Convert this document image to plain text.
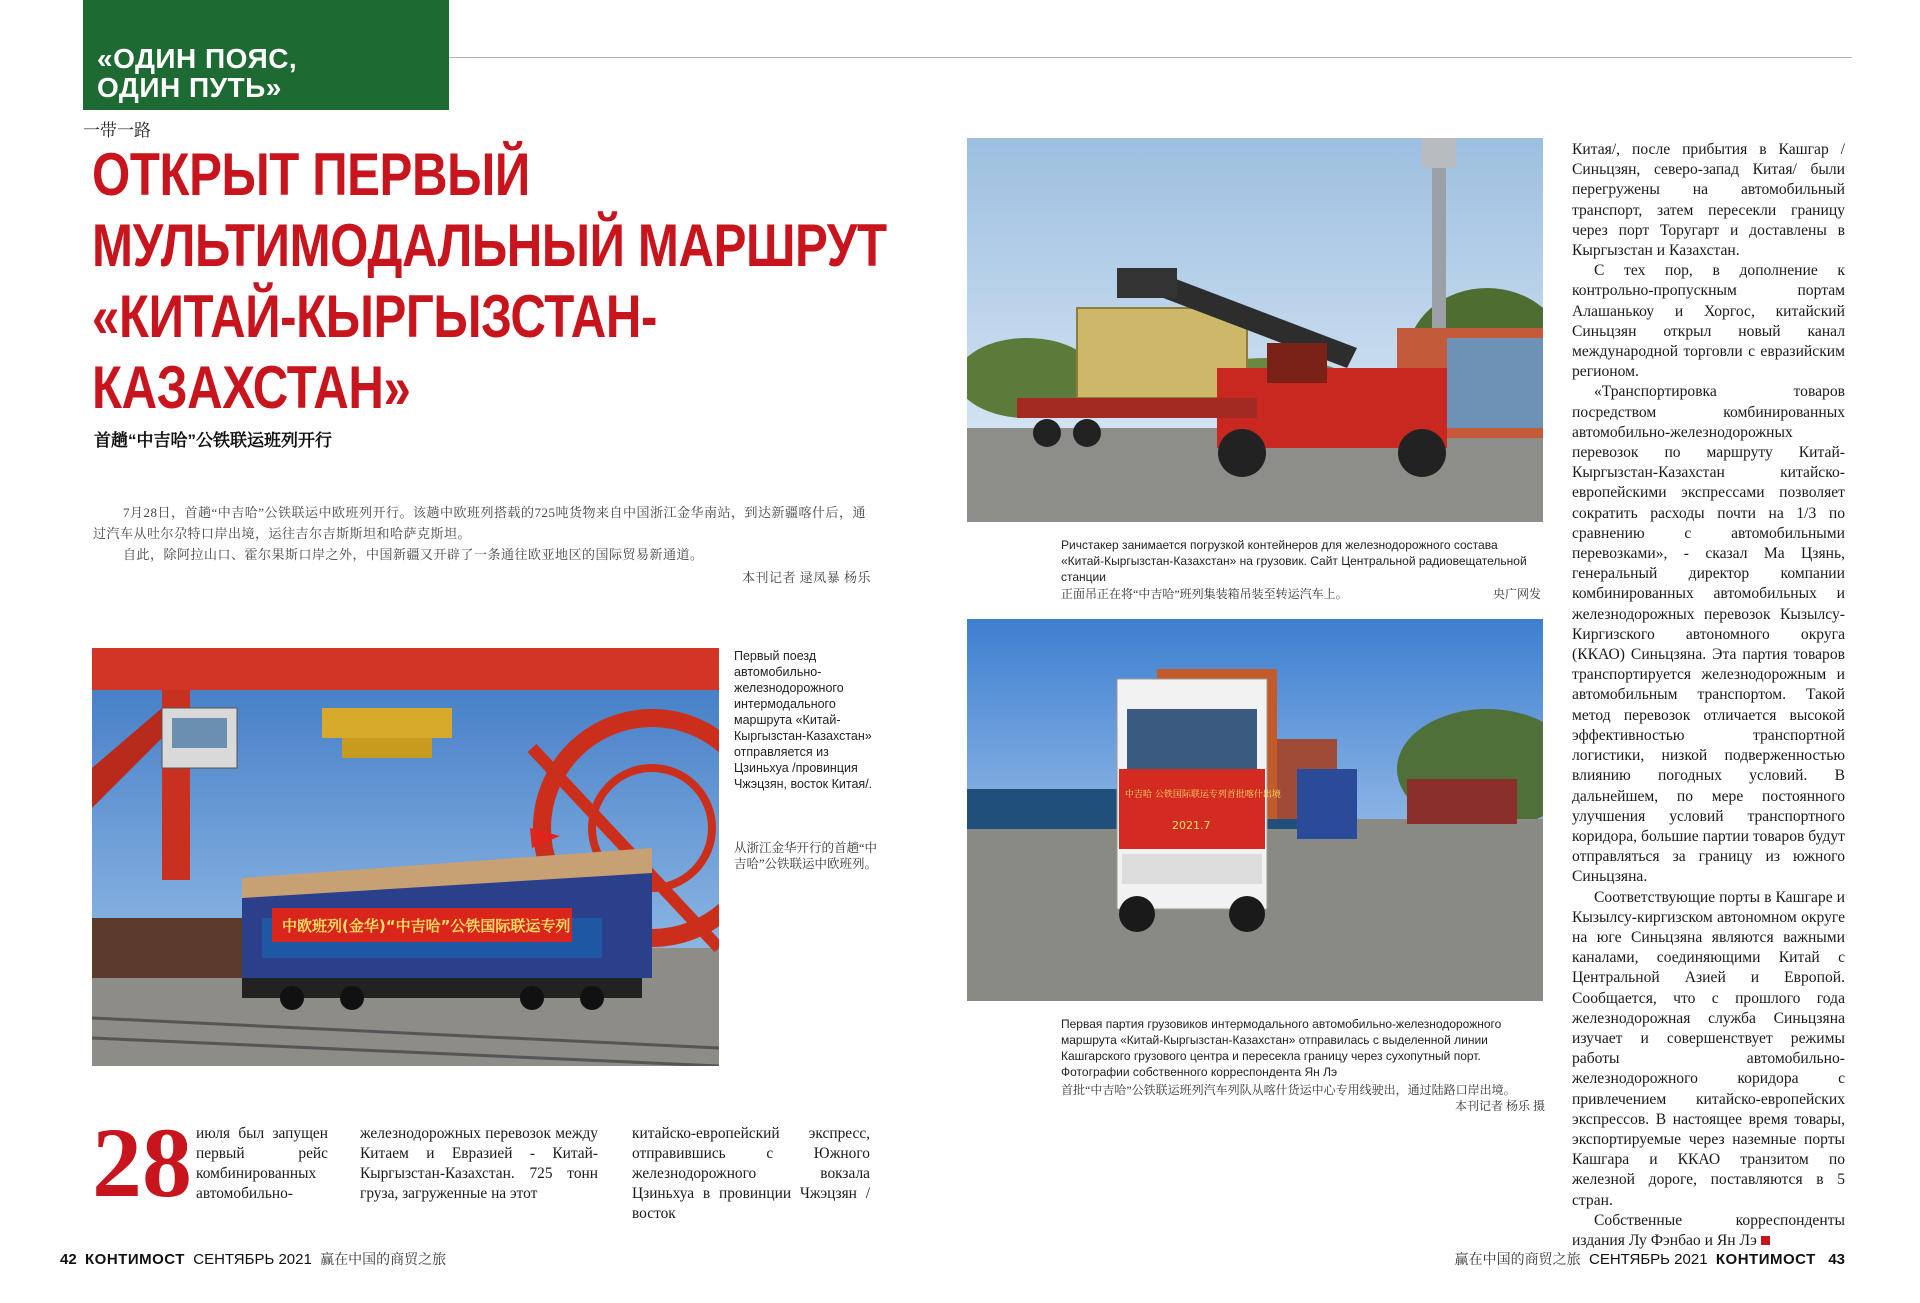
«ОДИН ПОЯС,
ОДИН ПУТЬ»
一带一路
ОТКРЫТ ПЕРВЫЙ
МУЛЬТИМОДАЛЬНЫЙ МАРШРУТ
«КИТАЙ-КЫРГЫЗСТАН-
КАЗАХСТАН»
首趟“中吉哈”公铁联运班列开行

7月28日，首趟“中吉哈”公铁联运中欧班列开行。该趟中欧班列搭载的725吨货物来自中国浙江金华南站，到达新疆喀什后，通过汽车从吐尔尕特口岸出境，运往吉尔吉斯斯坦和哈萨克斯坦。

自此，除阿拉山口、霍尔果斯口岸之外，中国新疆又开辟了一条通往欧亚地区的国际贸易新通道。

本刊记者 逯凤暴 杨乐
中欧班列(金华)“中吉哈”公铁国际联运专列
Первый поезд автомобильно-железнодорожного интермодального маршрута «Китай-Кыргызстан-Казахстан» отправляется из Цзиньхуа /провинция Чжэцзян, восток Китая/.
从浙江金华开行的首趟“中吉哈”公铁联运中欧班列。
Ричстакер занимается погрузкой контейнеров для железнодорожного состава «Китай-Кыргызстан-Казахстан» на грузовик. Сайт Центральной радиовещательной станции
正面吊正在将“中吉哈”班列集装箱吊装至转运汽车上。	央广网发
中吉哈 公铁国际联运专列首批喀什出境
2021.7
Первая партия грузовиков интермодального автомобильно-железнодорожного маршрута «Китай-Кыргызстан-Казахстан» отправилась с выделенной линии Кашгарского грузового центра и пересекла границу через сухопутный порт. Фотографии собственного корреспондента Ян Лэ
首批“中吉哈”公铁联运班列汽车列队从喀什货运中心专用线驶出，通过陆路口岸出境。
本刊记者 杨乐 摄
28 июля был запущен первый рейс комбинированных автомобильно-

железнодорожных перевозок между Китаем и Евразией - Китай-Кыргызстан-Казахстан. 725 тонн груза, загруженные на этот

китайско-европейский экспресс, отправившись с Южного железнодорожного вокзала Цзиньхуа в провинции Чжэцзян /восток

Китая/, после прибытия в Кашгар / Синьцзян, северо-запад Китая/ были перегружены на автомобильный транспорт, затем пересекли границу через порт Торугарт и доставлены в Кыргызстан и Казахстан.

С тех пор, в дополнение к контрольно-пропускным портам Алашанькоу и Хоргос, китайский Синьцзян открыл новый канал международной торговли с евразийским регионом.

«Транспортировка товаров посредством комбинированных автомобильно-железнодорожных перевозок по маршруту Китай-Кыргызстан-Казахстан китайско-европейскими экспрессами позволяет сократить расходы почти на 1/3 по сравнению с автомобильными перевозками», - сказал Ма Цзянь, генеральный директор компании комбинированных автомобильных и железнодорожных перевозок Кызылсу-Киргизского автономного округа (ККАО) Синьцзяна. Эта партия товаров транспортируется железнодорожным и автомобильным транспортом. Такой метод перевозок отличается высокой эффективностью транспортной логистики, низкой подверженностью влиянию погодных условий. В дальнейшем, по мере постоянного улучшения условий транспортного коридора, большие партии товаров будут отправляться за границу из южного Синьцзяна.

Соответствующие порты в Кашгаре и Кызылсу-киргизском автономном округе на юге Синьцзяна являются важными каналами, соединяющими Китай с Центральной Азией и Европой. Сообщается, что с прошлого года железнодорожная служба Синьцзяна изучает и совершенствует режимы работы автомобильно-железнодорожного коридора с привлечением китайско-европейских экспрессов. В настоящее время товары, экспортируемые через наземные порты Кашгара и ККАО транзитом по железной дороге, поставляются в 5 стран.

Собственные корреспонденты издания Лу Фэнбао и Ян Лэ

42 КОНТИМОСТ СЕНТЯБРЬ 2021 赢在中国的商贸之旅	赢在中国的商贸之旅 СЕНТЯБРЬ 2021 КОНТИМОСТ 43
